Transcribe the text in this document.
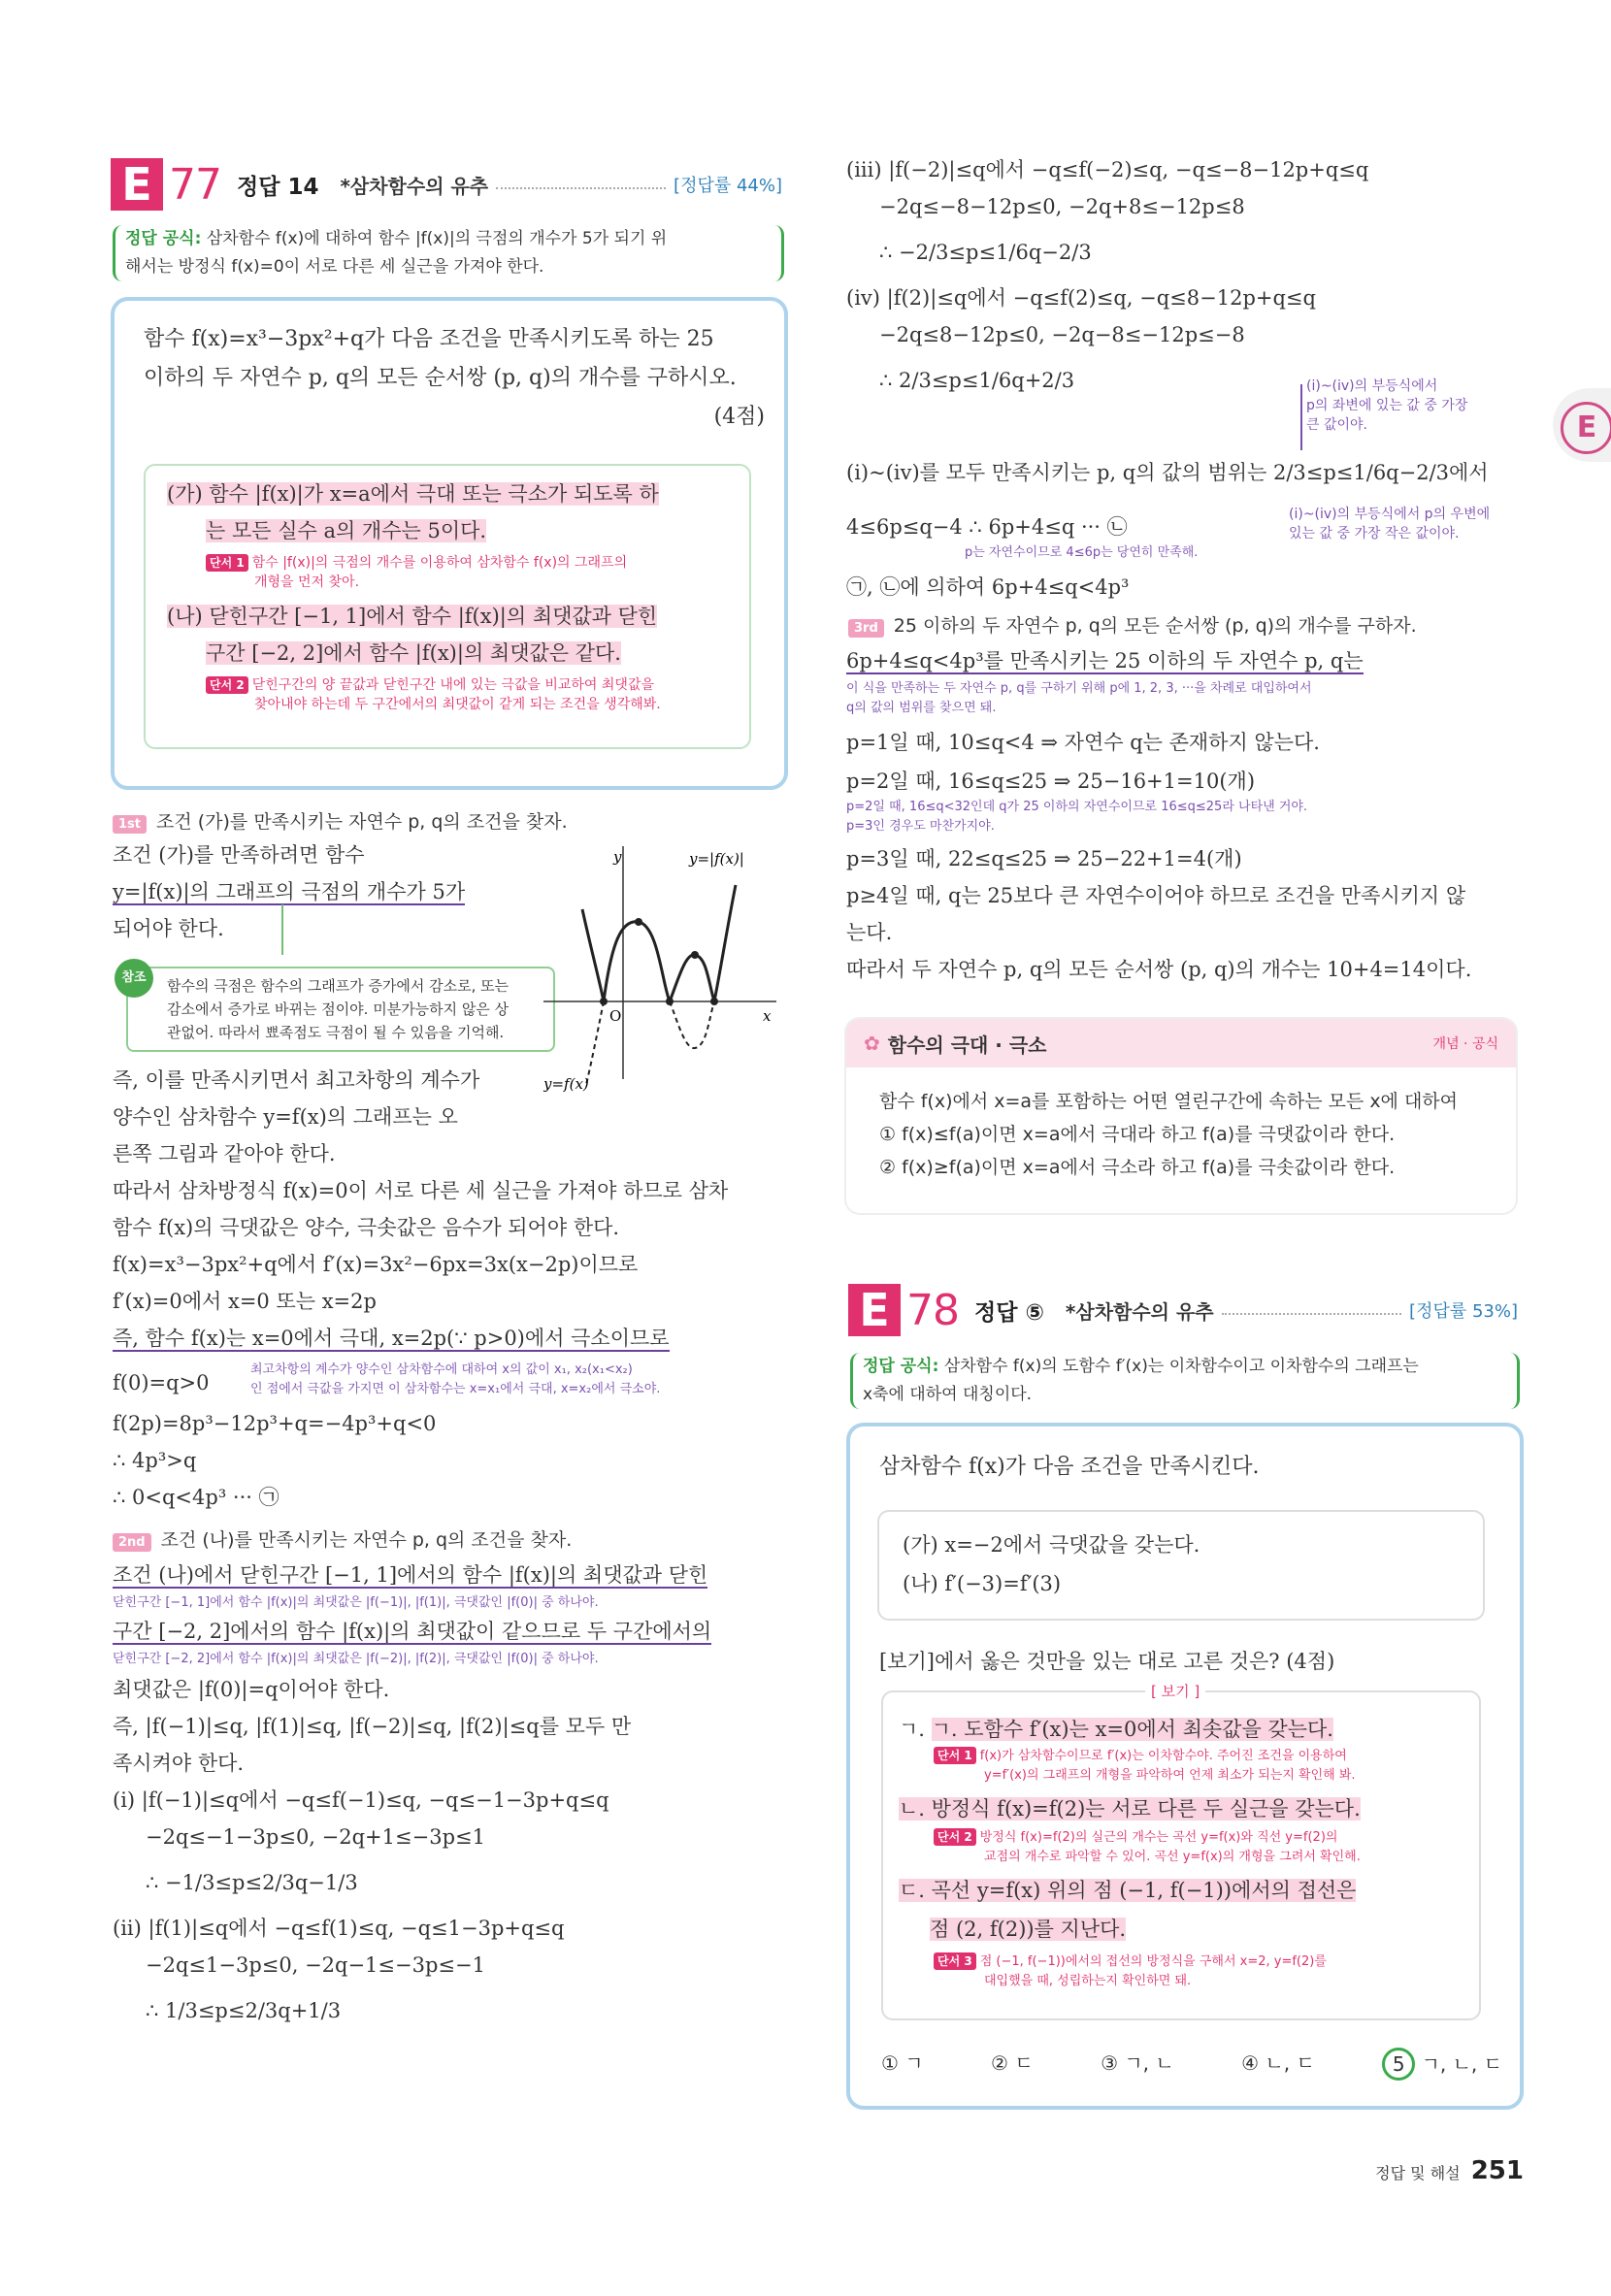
E 77 정답 14 *삼차함수의 유추	[정답률 44%]
정답 공식: 삼차함수 f(x)에 대하여 함수 |f(x)|의 극점의 개수가 5가 되기 위
해서는 방정식 f(x)=0이 서로 다른 세 실근을 가져야 한다.
함수 f(x)=x³−3px²+q가 다음 조건을 만족시키도록 하는 25
이하의 두 자연수 p, q의 모든 순서쌍 (p, q)의 개수를 구하시오.
(4점)
(가) 함수 |f(x)|가 x=a에서 극대 또는 극소가 되도록 하
는 모든 실수 a의 개수는 5이다.
단서 1 함수 |f(x)|의 극점의 개수를 이용하여 삼차함수 f(x)의 그래프의
개형을 먼저 찾아.
(나) 닫힌구간 [−1, 1]에서 함수 |f(x)|의 최댓값과 닫힌
구간 [−2, 2]에서 함수 |f(x)|의 최댓값은 같다.
단서 2 닫힌구간의 양 끝값과 닫힌구간 내에 있는 극값을 비교하여 최댓값을
찾아내야 하는데 두 구간에서의 최댓값이 같게 되는 조건을 생각해봐.
1st 조건 (가)를 만족시키는 자연수 p, q의 조건을 찾자.
조건 (가)를 만족하려면 함수
y=|f(x)|의 그래프의 극점의 개수가 5가
되어야 한다.
참조	함수의 극점은 함수의 그래프가 증가에서 감소로, 또는
감소에서 증가로 바뀌는 점이야. 미분가능하지 않은 상
관없어. 따라서 뾰족점도 극점이 될 수 있음을 기억해.
y
x
O
y=|f(x)|
y=f(x)
즉, 이를 만족시키면서 최고차항의 계수가
양수인 삼차함수 y=f(x)의 그래프는 오
른쪽 그림과 같아야 한다.
따라서 삼차방정식 f(x)=0이 서로 다른 세 실근을 가져야 하므로 삼차
함수 f(x)의 극댓값은 양수, 극솟값은 음수가 되어야 한다.
f(x)=x³−3px²+q에서 f′(x)=3x²−6px=3x(x−2p)이므로
f′(x)=0에서 x=0 또는 x=2p
즉, 함수 f(x)는 x=0에서 극대, x=2p(∵ p>0)에서 극소이므로
f(0)=q>0
최고차항의 계수가 양수인 삼차함수에 대하여 x의 값이 x₁, x₂(x₁<x₂)
인 점에서 극값을 가지면 이 삼차함수는 x=x₁에서 극대, x=x₂에서 극소야.
f(2p)=8p³−12p³+q=−4p³+q<0
∴ 4p³>q
∴ 0<q<4p³ ··· ㉠
2nd 조건 (나)를 만족시키는 자연수 p, q의 조건을 찾자.
조건 (나)에서 닫힌구간 [−1, 1]에서의 함수 |f(x)|의 최댓값과 닫힌
닫힌구간 [−1, 1]에서 함수 |f(x)|의 최댓값은 |f(−1)|, |f(1)|, 극댓값인 |f(0)| 중 하나야.
구간 [−2, 2]에서의 함수 |f(x)|의 최댓값이 같으므로 두 구간에서의
닫힌구간 [−2, 2]에서 함수 |f(x)|의 최댓값은 |f(−2)|, |f(2)|, 극댓값인 |f(0)| 중 하나야.
최댓값은 |f(0)|=q이어야 한다.
즉, |f(−1)|≤q, |f(1)|≤q, |f(−2)|≤q, |f(2)|≤q를 모두 만
족시켜야 한다.
(i) |f(−1)|≤q에서 −q≤f(−1)≤q, −q≤−1−3p+q≤q
−2q≤−1−3p≤0, −2q+1≤−3p≤1
∴ −1/3≤p≤2/3q−1/3
(ii) |f(1)|≤q에서 −q≤f(1)≤q, −q≤1−3p+q≤q
−2q≤1−3p≤0, −2q−1≤−3p≤−1
∴ 1/3≤p≤2/3q+1/3
(iii) |f(−2)|≤q에서 −q≤f(−2)≤q, −q≤−8−12p+q≤q
−2q≤−8−12p≤0, −2q+8≤−12p≤8
∴ −2/3≤p≤1/6q−2/3
(iv) |f(2)|≤q에서 −q≤f(2)≤q, −q≤8−12p+q≤q
−2q≤8−12p≤0, −2q−8≤−12p≤−8
∴ 2/3≤p≤1/6q+2/3	(i)~(iv)의 부등식에서
p의 좌변에 있는 값 중 가장
큰 값이야.
(i)~(iv)를 모두 만족시키는 p, q의 값의 범위는 2/3≤p≤1/6q−2/3에서
4≤6p≤q−4 ∴ 6p+4≤q ··· ㉡
p는 자연수이므로 4≤6p는 당연히 만족해.
(i)~(iv)의 부등식에서 p의 우변에
있는 값 중 가장 작은 값이야.
㉠, ㉡에 의하여 6p+4≤q<4p³
3rd 25 이하의 두 자연수 p, q의 모든 순서쌍 (p, q)의 개수를 구하자.
6p+4≤q<4p³를 만족시키는 25 이하의 두 자연수 p, q는
이 식을 만족하는 두 자연수 p, q를 구하기 위해 p에 1, 2, 3, ···을 차례로 대입하여서
q의 값의 범위를 찾으면 돼.
p=1일 때, 10≤q<4 ⇒ 자연수 q는 존재하지 않는다.
p=2일 때, 16≤q≤25 ⇒ 25−16+1=10(개)
p=2일 때, 16≤q<32인데 q가 25 이하의 자연수이므로 16≤q≤25라 나타낸 거야.
p=3인 경우도 마찬가지야.
p=3일 때, 22≤q≤25 ⇒ 25−22+1=4(개)
p≥4일 때, q는 25보다 큰 자연수이어야 하므로 조건을 만족시키지 않
는다.
따라서 두 자연수 p, q의 모든 순서쌍 (p, q)의 개수는 10+4=14이다.
✿ 함수의 극대 · 극소	개념 · 공식
함수 f(x)에서 x=a를 포함하는 어떤 열린구간에 속하는 모든 x에 대하여
① f(x)≤f(a)이면 x=a에서 극대라 하고 f(a)를 극댓값이라 한다.
② f(x)≥f(a)이면 x=a에서 극소라 하고 f(a)를 극솟값이라 한다.
E
E 78 정답 ⑤ *삼차함수의 유추	[정답률 53%]
정답 공식: 삼차함수 f(x)의 도함수 f′(x)는 이차함수이고 이차함수의 그래프는
x축에 대하여 대칭이다.
삼차함수 f(x)가 다음 조건을 만족시킨다.
(가) x=−2에서 극댓값을 갖는다.
(나) f′(−3)=f′(3)
[보기]에서 옳은 것만을 있는 대로 고른 것은? (4점)
[ 보기 ]
ㄱ. ㄱ. 도함수 f′(x)는 x=0에서 최솟값을 갖는다.
단서 1 f(x)가 삼차함수이므로 f′(x)는 이차함수야. 주어진 조건을 이용하여
y=f′(x)의 그래프의 개형을 파악하여 언제 최소가 되는지 확인해 봐.
ㄴ. 방정식 f(x)=f(2)는 서로 다른 두 실근을 갖는다.
단서 2 방정식 f(x)=f(2)의 실근의 개수는 곡선 y=f(x)와 직선 y=f(2)의
교점의 개수로 파악할 수 있어. 곡선 y=f(x)의 개형을 그려서 확인해.
ㄷ. 곡선 y=f(x) 위의 점 (−1, f(−1))에서의 접선은
점 (2, f(2))를 지난다.
단서 3 점 (−1, f(−1))에서의 접선의 방정식을 구해서 x=2, y=f(2)를
대입했을 때, 성립하는지 확인하면 돼.
① ㄱ	② ㄷ	③ ㄱ, ㄴ	④ ㄴ, ㄷ	5 ㄱ, ㄴ, ㄷ
정답 및 해설 251
